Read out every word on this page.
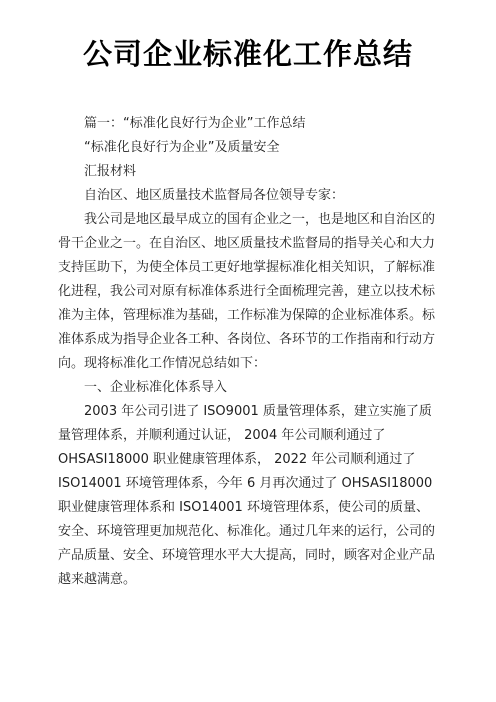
公司企业标准化工作总结

篇一：“标准化良好行为企业”工作总结

“标准化良好行为企业”及质量安全

汇报材料

自治区、地区质量技术监督局各位领导专家：

我公司是地区最早成立的国有企业之一，也是地区和自治区的骨干企业之一。在自治区、地区质量技术监督局的指导关心和大力支持匡助下，为使全体员工更好地掌握标准化相关知识，了解标准化进程，我公司对原有标准体系进行全面梳理完善，建立以技术标准为主体，管理标准为基础，工作标准为保障的企业标准体系。标准体系成为指导企业各工种、各岗位、各环节的工作指南和行动方向。现将标准化工作情况总结如下：

一、企业标准化体系导入

2003 年公司引进了 ISO9001 质量管理体系，建立实施了质量管理体系，并顺利通过认证， 2004 年公司顺利通过了

OHSASI18000 职业健康管理体系， 2022 年公司顺利通过了

ISO14001 环境管理体系，今年 6 月再次通过了 OHSASI18000 职业健康管理体系和 ISO14001 环境管理体系，使公司的质量、安全、环境管理更加规范化、标准化。通过几年来的运行，公司的产品质量、安全、环境管理水平大大提高，同时，顾客对企业产品越来越满意。
